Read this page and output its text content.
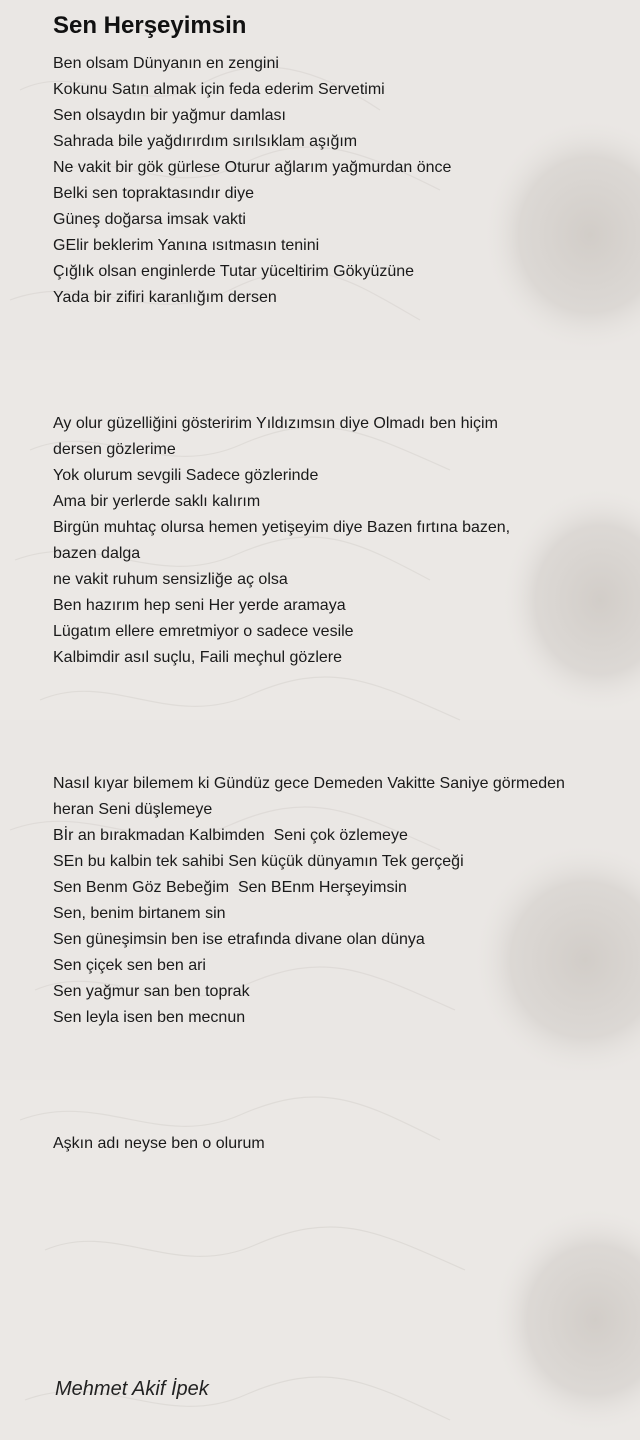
Sen Herşeyimsin
Ben olsam Dünyanın en zengini
Kokunu Satın almak için feda ederim Servetimi
Sen olsaydın bir yağmur damlası
Sahrada bile yağdırırdım sırılsıklam aşığım
Ne vakit bir gök gürlese Oturur ağlarım yağmurdan önce
Belki sen topraktasındır diye
Güneş doğarsa imsak vakti
GElir beklerim Yanına ısıtmasın tenini
Çığlık olsan enginlerde Tutar yüceltirim Gökyüzüne
Yada bir zifiri karanlığım dersen
Ay olur güzelliğini gösteririm Yıldızımsın diye Olmadı ben hiçim
dersen gözlerime
Yok olurum sevgili Sadece gözlerinde
Ama bir yerlerde saklı kalırım
Birgün muhtaç olursa hemen yetişeyim diye Bazen fırtına bazen,
bazen dalga
ne vakit ruhum sensizliğe aç olsa
Ben hazırım hep seni Her yerde aramaya
Lügatım ellere emretmiyor o sadece vesile
Kalbimdir asıl suçlu, Faili meçhul gözlere
Nasıl kıyar bilemem ki Gündüz gece Demeden Vakitte Saniye görmeden
heran Seni düşlemeye
Bİr an bırakmadan Kalbimden  Seni çok özlemeye
SEn bu kalbin tek sahibi Sen küçük dünyamın Tek gerçeği
Sen Benm Göz Bebeğim  Sen BEnm Herşeyimsin
Sen, benim birtanem sin
Sen güneşimsin ben ise etrafında divane olan dünya
Sen çiçek sen ben ari
Sen yağmur san ben toprak
Sen leyla isen ben mecnun
Aşkın adı neyse ben o olurum
Mehmet Akif İpek
